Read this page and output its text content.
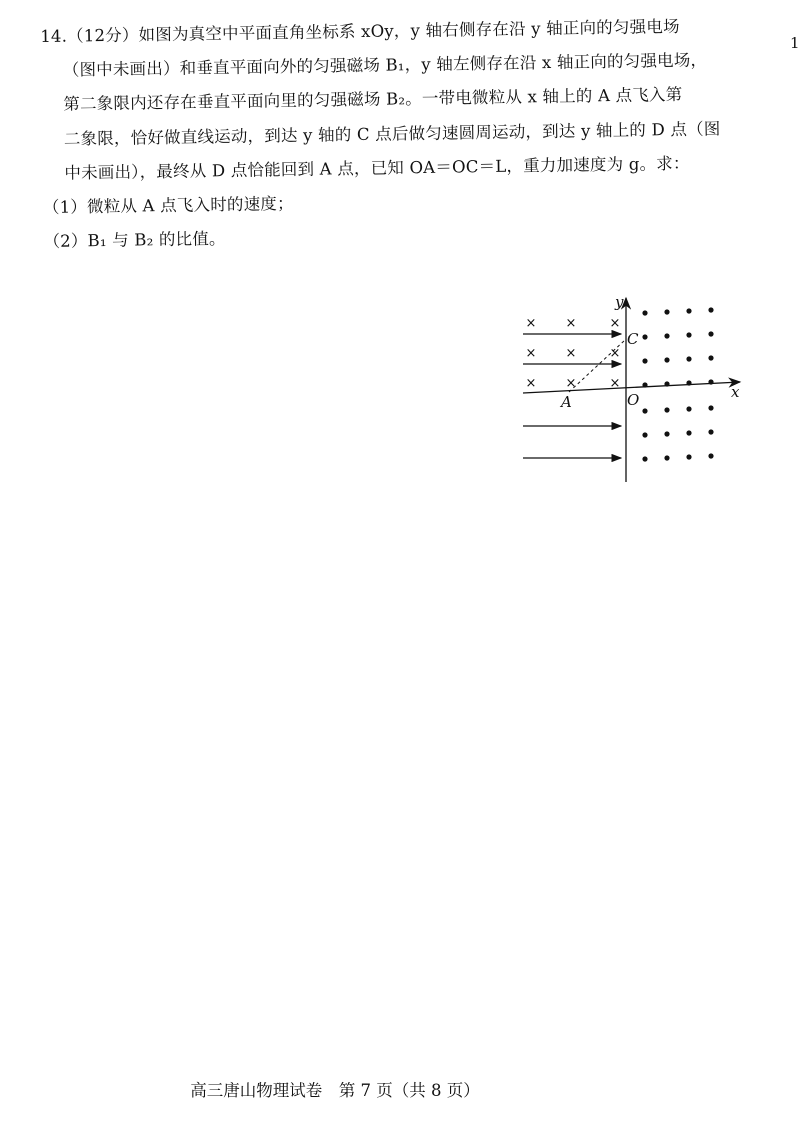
1
14.（12分）如图为真空中平面直角坐标系 xOy，y 轴右侧存在沿 y 轴正向的匀强电场
（图中未画出）和垂直平面向外的匀强磁场 B₁，y 轴左侧存在沿 x 轴正向的匀强电场，
第二象限内还存在垂直平面向里的匀强磁场 B₂。一带电微粒从 x 轴上的 A 点飞入第
二象限，恰好做直线运动，到达 y 轴的 C 点后做匀速圆周运动，到达 y 轴上的 D 点（图
中未画出），最终从 D 点恰能回到 A 点，已知 OA＝OC＝L，重力加速度为 g。求：
（1）微粒从 A 点飞入时的速度；
（2）B₁ 与 B₂ 的比值。
× ×	×
× ×	×
× ×	×
y
x
O
A
C
高三唐山物理试卷　第 7 页（共 8 页）
